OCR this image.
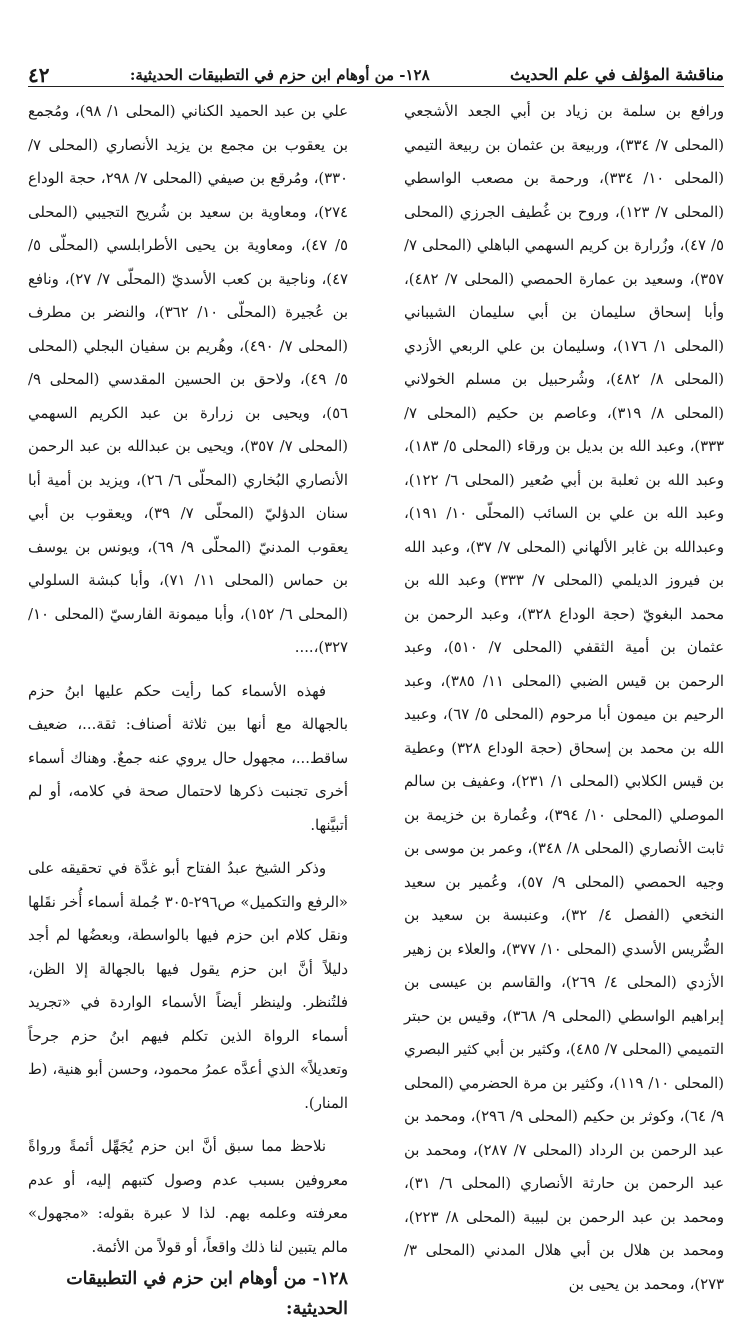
مناقشة المؤلف في علم الحديث
١٢٨- من أوهام ابن حزم في التطبيقات الحديثية:
٤٢

ورافع بن سلمة بن زياد بن أبي الجعد الأشجعي (المحلى ٧/ ٣٣٤)، وربيعة بن عثمان بن ربيعة التيمي (المحلى ١٠/ ٣٣٤)، ورحمة بن مصعب الواسطي (المحلى ٧/ ١٢٣)، وروح بن غُطيف الجرزي (المحلى ٥/ ٤٧)، وزُرارة بن كريم السهمي الباهلي (المحلى ٧/ ٣٥٧)، وسعيد بن عمارة الحمصي (المحلى ٧/ ٤٨٢)، وأبا إسحاق سليمان بن أبي سليمان الشيباني (المحلى ١/ ١٧٦)، وسليمان بن علي الربعي الأزدي (المحلى ٨/ ٤٨٢)، وشُرحبيل بن مسلم الخولاني (المحلى ٨/ ٣١٩)، وعاصم بن حكيم (المحلى ٧/ ٣٣٣)، وعبد الله بن بديل بن ورقاء (المحلى ٥/ ١٨٣)، وعبد الله بن ثعلبة بن أبي صُعير (المحلى ٦/ ١٢٢)، وعبد الله بن علي بن السائب (المحلّى ١٠/ ١٩١)، وعبدالله بن غابر الألهاني (المحلى ٧/ ٣٧)، وعبد الله بن فيروز الديلمي (المحلى ٧/ ٣٣٣) وعبد الله بن محمد البغويّ (حجة الوداع ٣٢٨)، وعبد الرحمن بن عثمان بن أمية الثقفي (المحلى ٧/ ٥١٠)، وعبد الرحمن بن قيس الضبي (المحلى ١١/ ٣٨٥)، وعبد الرحيم بن ميمون أبا مرحوم (المحلى ٥/ ٦٧)، وعبيد الله بن محمد بن إسحاق (حجة الوداع ٣٢٨) وعطية بن قيس الكلابي (المحلى ١/ ٢٣١)، وعفيف بن سالم الموصلي (المحلى ١٠/ ٣٩٤)، وعُمارة بن خزيمة بن ثابت الأنصاري (المحلى ٨/ ٣٤٨)، وعمر بن موسى بن وجيه الحمصي (المحلى ٩/ ٥٧)، وعُمير بن سعيد النخعي (الفصل ٤/ ٣٢)، وعنبسة بن سعيد بن الضُّريس الأسدي (المحلى ١٠/ ٣٧٧)، والعلاء بن زهير الأزدي (المحلى ٤/ ٢٦٩)، والقاسم بن عيسى بن إبراهيم الواسطي (المحلى ٩/ ٣٦٨)، وقيس بن حبتر التميمي (المحلى ٧/ ٤٨٥)، وكثير بن أبي كثير البصري (المحلى ١٠/ ١١٩)، وكثير بن مرة الحضرمي (المحلى ٩/ ٦٤)، وكوثر بن حكيم (المحلى ٩/ ٢٩٦)، ومحمد بن عبد الرحمن بن الرداد (المحلى ٧/ ٢٨٧)، ومحمد بن عبد الرحمن بن حارثة الأنصاري (المحلى ٦/ ٣١)، ومحمد بن عبد الرحمن بن لبيبة (المحلى ٨/ ٢٢٣)، ومحمد بن هلال بن أبي هلال المدني (المحلى ٣/ ٢٧٣)، ومحمد بن يحيى بن

علي بن عبد الحميد الكناني (المحلى ١/ ٩٨)، ومُجمع بن يعقوب بن مجمع بن يزيد الأنصاري (المحلى ٧/ ٣٣٠)، ومُرقع بن صيفي (المحلى ٧/ ٢٩٨، حجة الوداع ٢٧٤)، ومعاوية بن سعيد بن شُريح التجيبي (المحلى ٥/ ٤٧)، ومعاوية بن يحيى الأطرابلسي (المحلّى ٥/ ٤٧)، وناجية بن كعب الأسديّ (المحلّى ٧/ ٢٧)، ونافع بن عُجيرة (المحلّى ١٠/ ٣٦٢)، والنضر بن مطرف (المحلى ٧/ ٤٩٠)، وهُريم بن سفيان البجلي (المحلى ٥/ ٤٩)، ولاحق بن الحسين المقدسي (المحلى ٩/ ٥٦)، ويحيى بن زرارة بن عبد الكريم السهمي (المحلى ٧/ ٣٥٧)، ويحيى بن عبدالله بن عبد الرحمن الأنصاري البُخاري (المحلّى ٦/ ٢٦)، ويزيد بن أمية أبا سنان الدؤليّ (المحلّى ٧/ ٣٩)، ويعقوب بن أبي يعقوب المدنيّ (المحلّى ٩/ ٦٩)، ويونس بن يوسف بن حماس (المحلى ١١/ ٧١)، وأبا كبشة السلولي (المحلى ٦/ ١٥٢)، وأبا ميمونة الفارسيّ (المحلى ١٠/ ٣٢٧)،....

فهذه الأسماء كما رأيت حكم عليها ابنُ حزم بالجهالة مع أنها بين ثلاثة أصناف: ثقة...، ضعيف ساقط...، مجهول حال يروي عنه جمعٌ. وهناك أسماء أخرى تجنبت ذكرها لاحتمال صحة في كلامه، أو لم أتبيَّنها.

وذكر الشيخ عبدُ الفتاح أبو غدَّة في تحقيقه على «الرفع والتكميل» ص٢٩٦-٣٠٥ جُملة أسماء أُخر نقَلها ونقل كلام ابن حزم فيها بالواسطة، وبعضُها لم أجد دليلاً أنَّ ابن حزم يقول فيها بالجهالة إلا الظن، فلتُنظر. ولينظر أيضاً الأسماء الواردة في «تجريد أسماء الرواة الذين تكلم فيهم ابنُ حزم جرحاً وتعديلاً» الذي أعدَّه عمرُ محمود، وحسن أبو هنية، (ط المنار).

نلاحظ مما سبق أنَّ ابن حزم يُجَهِّل أئمةً ورواةً معروفين بسبب عدم وصول كتبهم إليه، أو عدم معرفته وعلمه بهم. لذا لا عبرة بقوله: «مجهول» مالم يتبين لنا ذلك واقعاً، أو قولاً من الأئمة.

١٢٨- من أوهام ابن حزم في التطبيقات الحديثية:
